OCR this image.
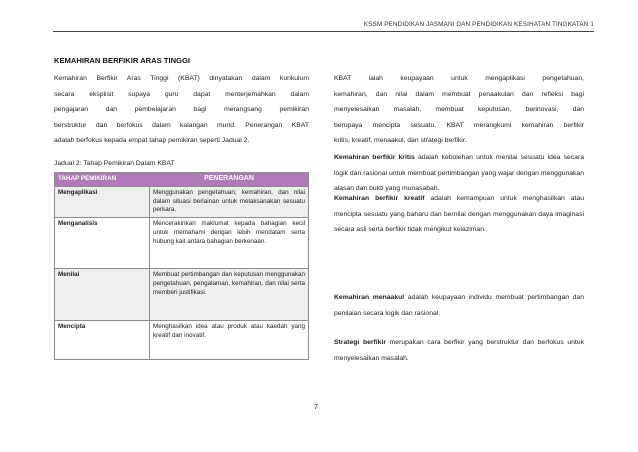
KSSM PENDIDIKAN JASMANI DAN PENDIDIKAN KESIHATAN TINGKATAN 1
KEMAHIRAN BERFIKIR ARAS TINGGI
Kemahiran Berfikir Aras Tinggi (KBAT) dinyatakan dalam kurikulum
secara eksplisit supaya guru dapat menterjemahkan dalam
pengajaran dan pembelajaran bagi merangsang pemikiran
berstruktur dan berfokus dalam kalangan murid. Penerangan KBAT
adalah berfokus kepada empat tahap pemikiran seperti Jadual 2.
Jadual 2: Tahap Pemikiran Dalam KBAT
TAHAP PEMIKIRAN	PENERANGAN
Mengaplikasi	Menggunakan pengetahuan, kemahiran, dan nilai dalam situasi berlainan untuk melaksanakan sesuatu perkara.
Menganalisis	Mencerakinkan maklumat kepada bahagian kecil untuk memahami dengan lebih mendalam serta hubung kait antara bahagian berkenaan.
Menilai	Membuat pertimbangan dan keputusan menggunakan pengetahuan, pengalaman, kemahiran, dan nilai serta memberi justifikasi.
Mencipta	Menghasilkan idea atau produk atau kaedah yang kreatif dan inovatif.
KBAT ialah keupayaan untuk mengaplikasi pengetahuan,
kemahiran, dan nilai dalam membuat penaakulan dan refleksi bagi
menyelesaikan masalah, membuat keputusan, berinovasi, dan
berupaya mencipta sesuatu. KBAT merangkumi kemahiran berfikir
kritis, kreatif, menaakul, dan strategi berfikir.
Kemahiran berfikir kritis adalah kebolehan untuk menilai sesuatu idea secara logik dan rasional untuk membuat pertimbangan yang wajar dengan menggunakan alasan dan bukti yang munasabah.
Kemahiran berfikir kreatif adalah kemampuan untuk menghasilkan atau mencipta sesuatu yang baharu dan bernilai dengan menggunakan daya imaginasi secara asli serta berfikir tidak mengikut kelaziman.
Kemahiran menaakul adalah keupayaan individu membuat pertimbangan dan penilaian secara logik dan rasional.
Strategi berfikir merupakan cara berfikir yang berstruktur dan berfokus untuk menyelesaikan masalah.
7
